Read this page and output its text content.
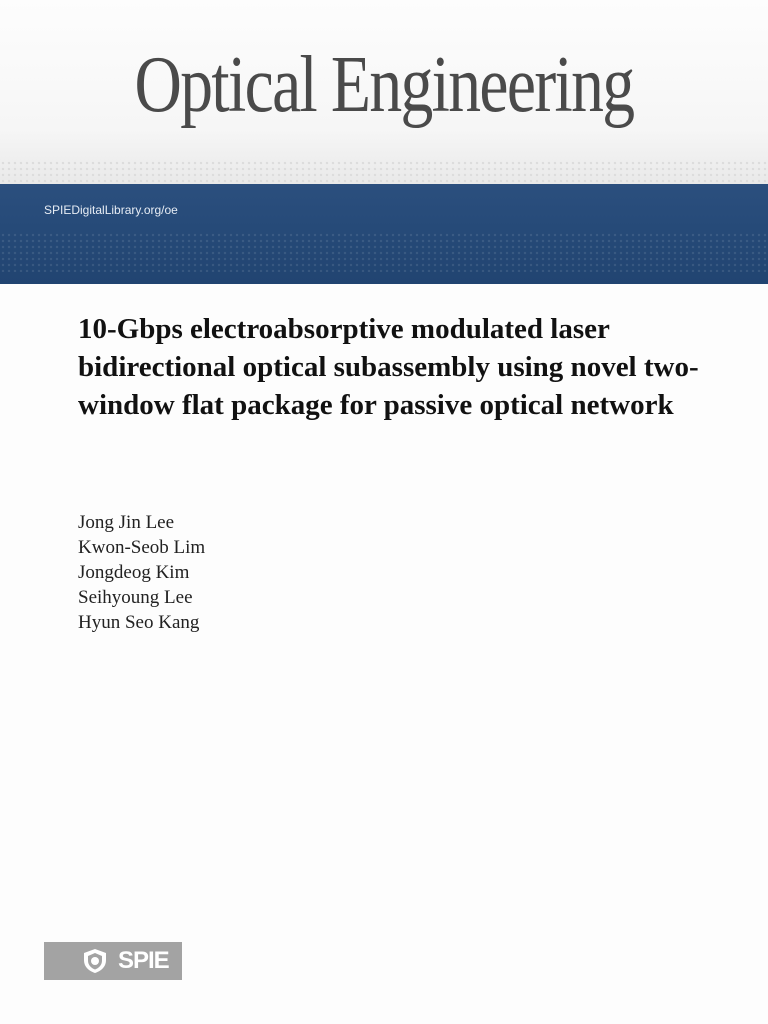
Optical Engineering
SPIEDigitalLibrary.org/oe
10-Gbps electroabsorptive modulated laser bidirectional optical subassembly using novel two-window flat package for passive optical network
Jong Jin Lee
Kwon-Seob Lim
Jongdeog Kim
Seihyoung Lee
Hyun Seo Kang
SPIE
